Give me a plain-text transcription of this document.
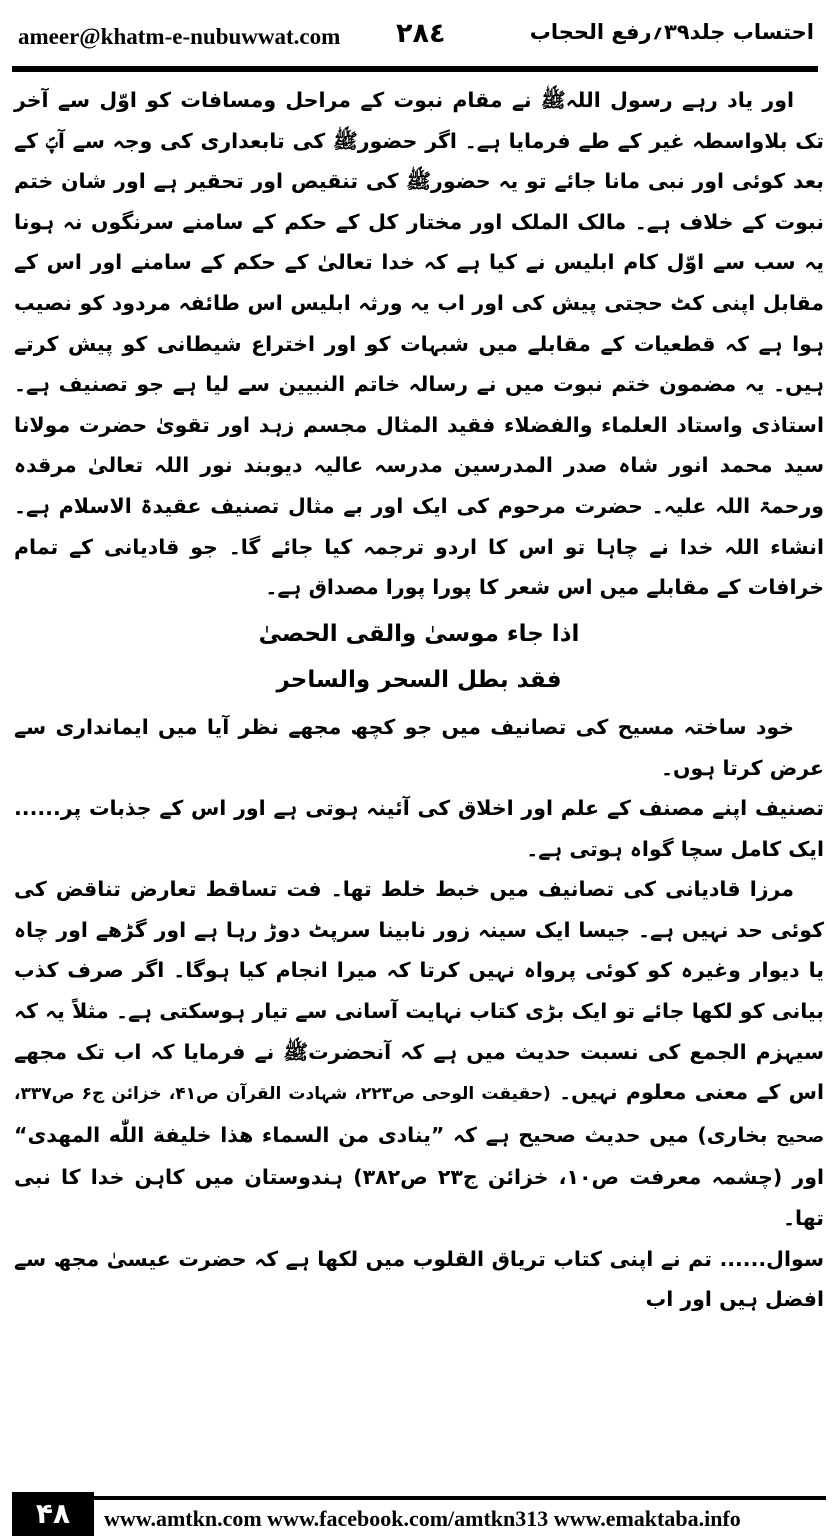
ameer@khatm-e-nubuwwat.com ٢٨٤	احتساب جلد۳۹؍رفع الحجاب

اور یاد رہے رسول اللہﷺ نے مقام نبوت کے مراحل ومسافات کو اوّل سے آخر تک بلاواسطہ غیر کے طے فرمایا ہے۔ اگر حضورﷺ کی تابعداری کی وجہ سے آپؐ کے بعد کوئی اور نبی مانا جائے تو یہ حضورﷺ کی تنقیص اور تحقیر ہے اور شان ختم نبوت کے خلاف ہے۔ مالک الملک اور مختار کل کے حکم کے سامنے سرنگوں نہ ہونا یہ سب سے اوّل کام ابلیس نے کیا ہے کہ خدا تعالیٰ کے حکم کے سامنے اور اس کے مقابل اپنی کٹ حجتی پیش کی اور اب یہ ورثہ ابلیس اس طائفہ مردود کو نصیب ہوا ہے کہ قطعیات کے مقابلے میں شبہات کو اور اختراع شیطانی کو پیش کرتے ہیں۔ یہ مضمون ختم نبوت میں نے رسالہ خاتم النبیین سے لیا ہے جو تصنیف ہے۔ استاذی واستاد العلماء والفضلاء فقید المثال مجسم زہد اور تقویٰ حضرت مولانا سید محمد انور شاہ صدر المدرسین مدرسہ عالیہ دیوبند نور اللہ تعالیٰ مرقدہ ورحمۃ اللہ علیہ۔ حضرت مرحوم کی ایک اور بے مثال تصنیف عقیدۃ الاسلام ہے۔ انشاء اللہ خدا نے چاہا تو اس کا اردو ترجمہ کیا جائے گا۔ جو قادیانی کے تمام خرافات کے مقابلے میں اس شعر کا پورا پورا مصداق ہے۔

اذا جاء موسیٰ والقی الحصیٰ

فقد بطل السحر والساحر

خود ساختہ مسیح کی تصانیف میں جو کچھ مجھے نظر آیا میں ایمانداری سے عرض کرتا ہوں۔

تصنیف اپنے مصنف کے علم اور اخلاق کی آئینہ ہوتی ہے اور اس کے جذبات پر...... ایک کامل سچا گواہ ہوتی ہے۔

مرزا قادیانی کی تصانیف میں خبط خلط تھا۔ فت تساقط تعارض تناقض کی کوئی حد نہیں ہے۔ جیسا ایک سینہ زور نابینا سرپٹ دوڑ رہا ہے اور گڑھے اور چاہ یا دیوار وغیرہ کو کوئی پرواہ نہیں کرتا کہ میرا انجام کیا ہوگا۔ اگر صرف کذب بیانی کو لکھا جائے تو ایک بڑی کتاب نہایت آسانی سے تیار ہوسکتی ہے۔ مثلاً یہ کہ سیہزم الجمع کی نسبت حدیث میں ہے کہ آنحضرتﷺ نے فرمایا کہ اب تک مجھے اس کے معنی معلوم نہیں۔ (حقیقت الوحی ص۲۲۳، شہادت القرآن ص۴۱، خزائن ج۶ ص۳۳۷، صحیح بخاری) میں حدیث صحیح ہے کہ ”ینادی من السماء ھذا خلیفة اللّٰه المھدی“ اور (چشمہ معرفت ص۱۰، خزائن ج۲۳ ص۳۸۲) ہندوستان میں کاہن خدا کا نبی تھا۔

سوال...... تم نے اپنی کتاب تریاق القلوب میں لکھا ہے کہ حضرت عیسیٰ مجھ سے افضل ہیں اور اب

۴۸	www.amtkn.com www.facebook.com/amtkn313 www.emaktaba.info
